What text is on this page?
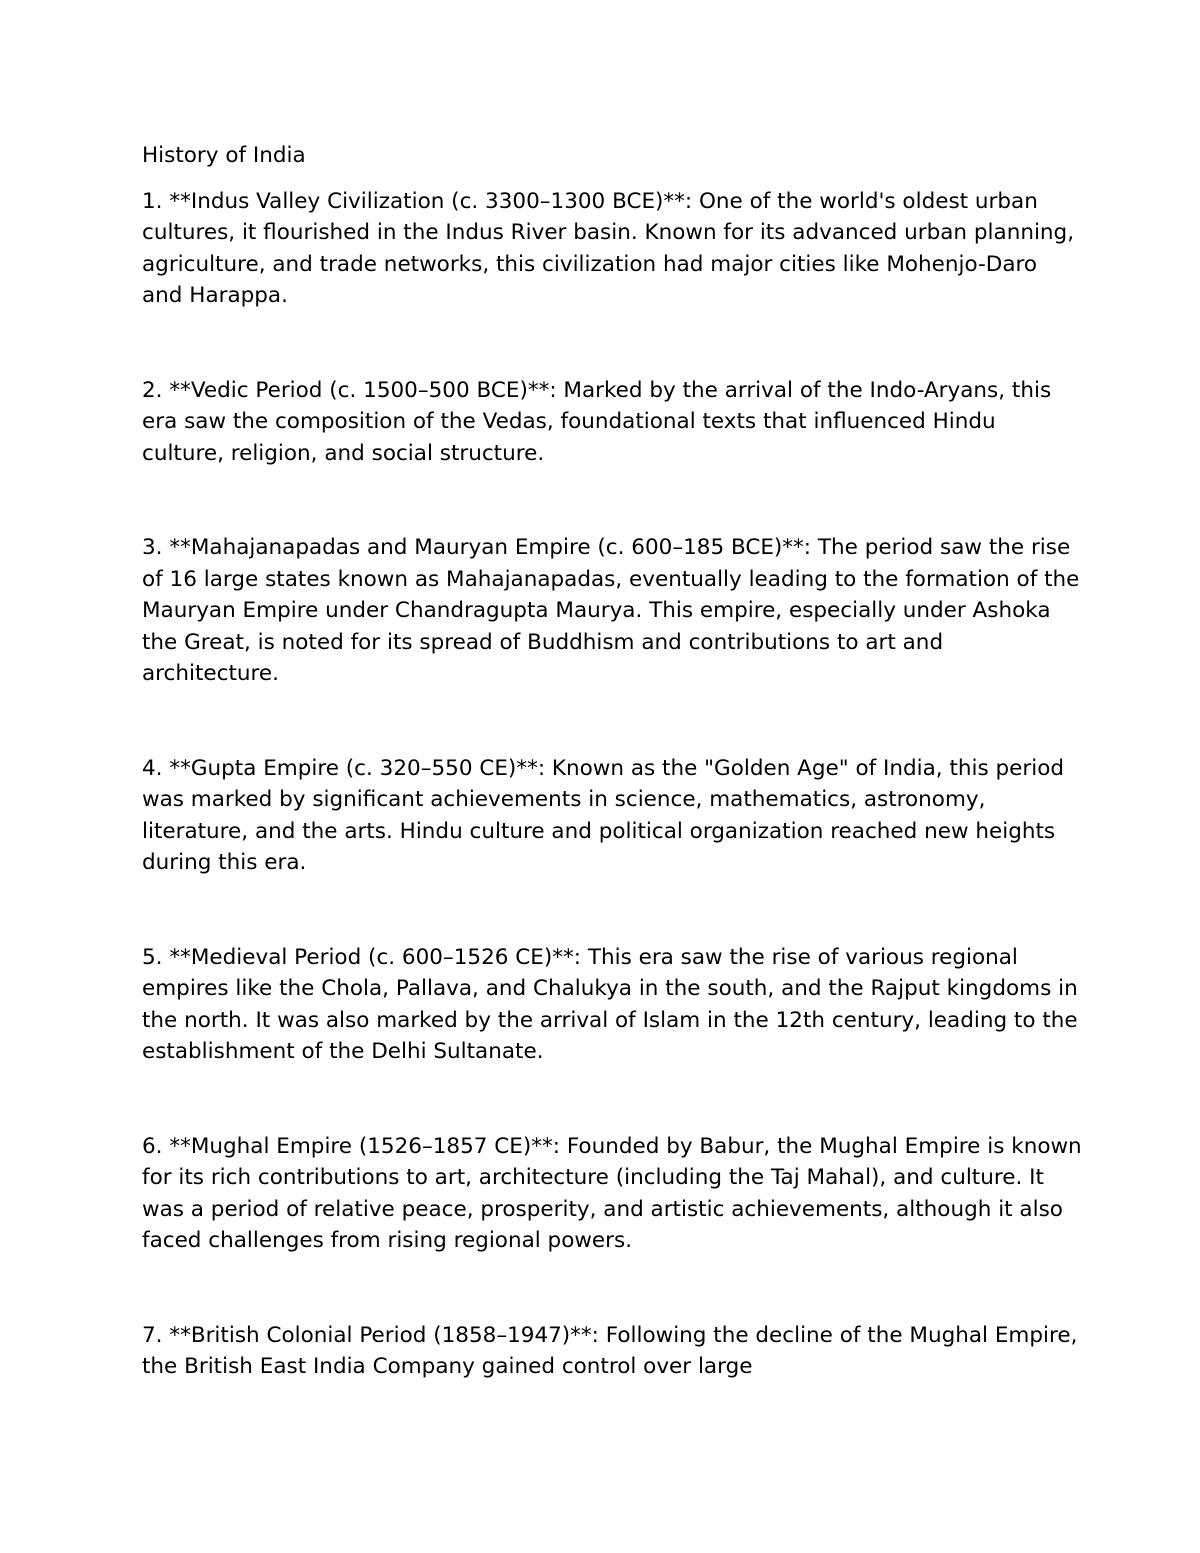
History of India

1. **Indus Valley Civilization (c. 3300–1300 BCE)**: One of the world's oldest urban cultures, it flourished in the Indus River basin. Known for its advanced urban planning, agriculture, and trade networks, this civilization had major cities like Mohenjo-Daro and Harappa.

2. **Vedic Period (c. 1500–500 BCE)**: Marked by the arrival of the Indo-Aryans, this era saw the composition of the Vedas, foundational texts that influenced Hindu culture, religion, and social structure.

3. **Mahajanapadas and Mauryan Empire (c. 600–185 BCE)**: The period saw the rise of 16 large states known as Mahajanapadas, eventually leading to the formation of the Mauryan Empire under Chandragupta Maurya. This empire, especially under Ashoka the Great, is noted for its spread of Buddhism and contributions to art and architecture.

4. **Gupta Empire (c. 320–550 CE)**: Known as the "Golden Age" of India, this period was marked by significant achievements in science, mathematics, astronomy, literature, and the arts. Hindu culture and political organization reached new heights during this era.

5. **Medieval Period (c. 600–1526 CE)**: This era saw the rise of various regional empires like the Chola, Pallava, and Chalukya in the south, and the Rajput kingdoms in the north. It was also marked by the arrival of Islam in the 12th century, leading to the establishment of the Delhi Sultanate.

6. **Mughal Empire (1526–1857 CE)**: Founded by Babur, the Mughal Empire is known for its rich contributions to art, architecture (including the Taj Mahal), and culture. It was a period of relative peace, prosperity, and artistic achievements, although it also faced challenges from rising regional powers.

7. **British Colonial Period (1858–1947)**: Following the decline of the Mughal Empire, the British East India Company gained control over large
